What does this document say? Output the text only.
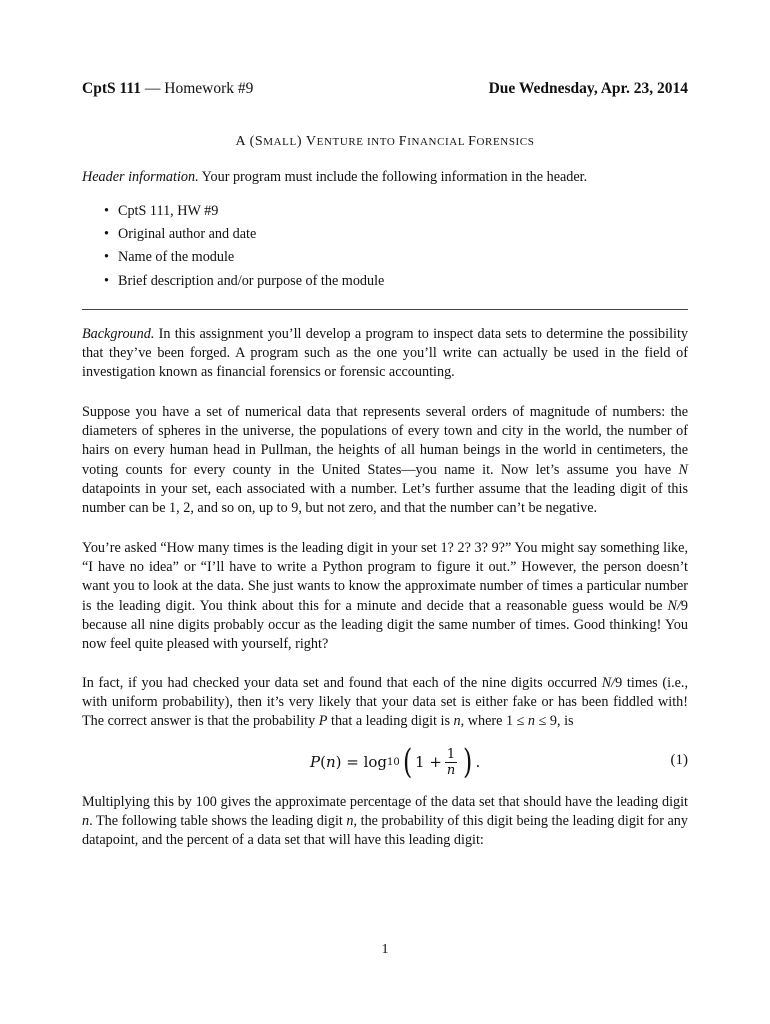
CptS 111 — Homework #9	Due Wednesday, Apr. 23, 2014
A (SMALL) VENTURE INTO FINANCIAL FORENSICS
Header information. Your program must include the following information in the header.
• CptS 111, HW #9
• Original author and date
• Name of the module
• Brief description and/or purpose of the module
Background. In this assignment you’ll develop a program to inspect data sets to determine the possibility that they’ve been forged. A program such as the one you’ll write can actually be used in the field of investigation known as financial forensics or forensic accounting.
Suppose you have a set of numerical data that represents several orders of magnitude of numbers: the diameters of spheres in the universe, the populations of every town and city in the world, the number of hairs on every human head in Pullman, the heights of all human beings in the world in centimeters, the voting counts for every county in the United States—you name it. Now let’s assume you have N datapoints in your set, each associated with a number. Let’s further assume that the leading digit of this number can be 1, 2, and so on, up to 9, but not zero, and that the number can’t be negative.
You’re asked “How many times is the leading digit in your set 1? 2? 3? 9?” You might say something like, “I have no idea” or “I’ll have to write a Python program to figure it out.” However, the person doesn’t want you to look at the data. She just wants to know the approximate number of times a particular number is the leading digit. You think about this for a minute and decide that a reasonable guess would be N/9 because all nine digits probably occur as the leading digit the same number of times. Good thinking! You now feel quite pleased with yourself, right?
In fact, if you had checked your data set and found that each of the nine digits occurred N/9 times (i.e., with uniform probability), then it’s very likely that your data set is either fake or has been fiddled with! The correct answer is that the probability P that a leading digit is n, where 1 ≤ n ≤ 9, is
P ( n ) = log 10 ( $1 + \frac{1}{n}$ ) .	(1)
Multiplying this by 100 gives the approximate percentage of the data set that should have the leading digit n. The following table shows the leading digit n, the probability of this digit being the leading digit for any datapoint, and the percent of a data set that will have this leading digit:
1
